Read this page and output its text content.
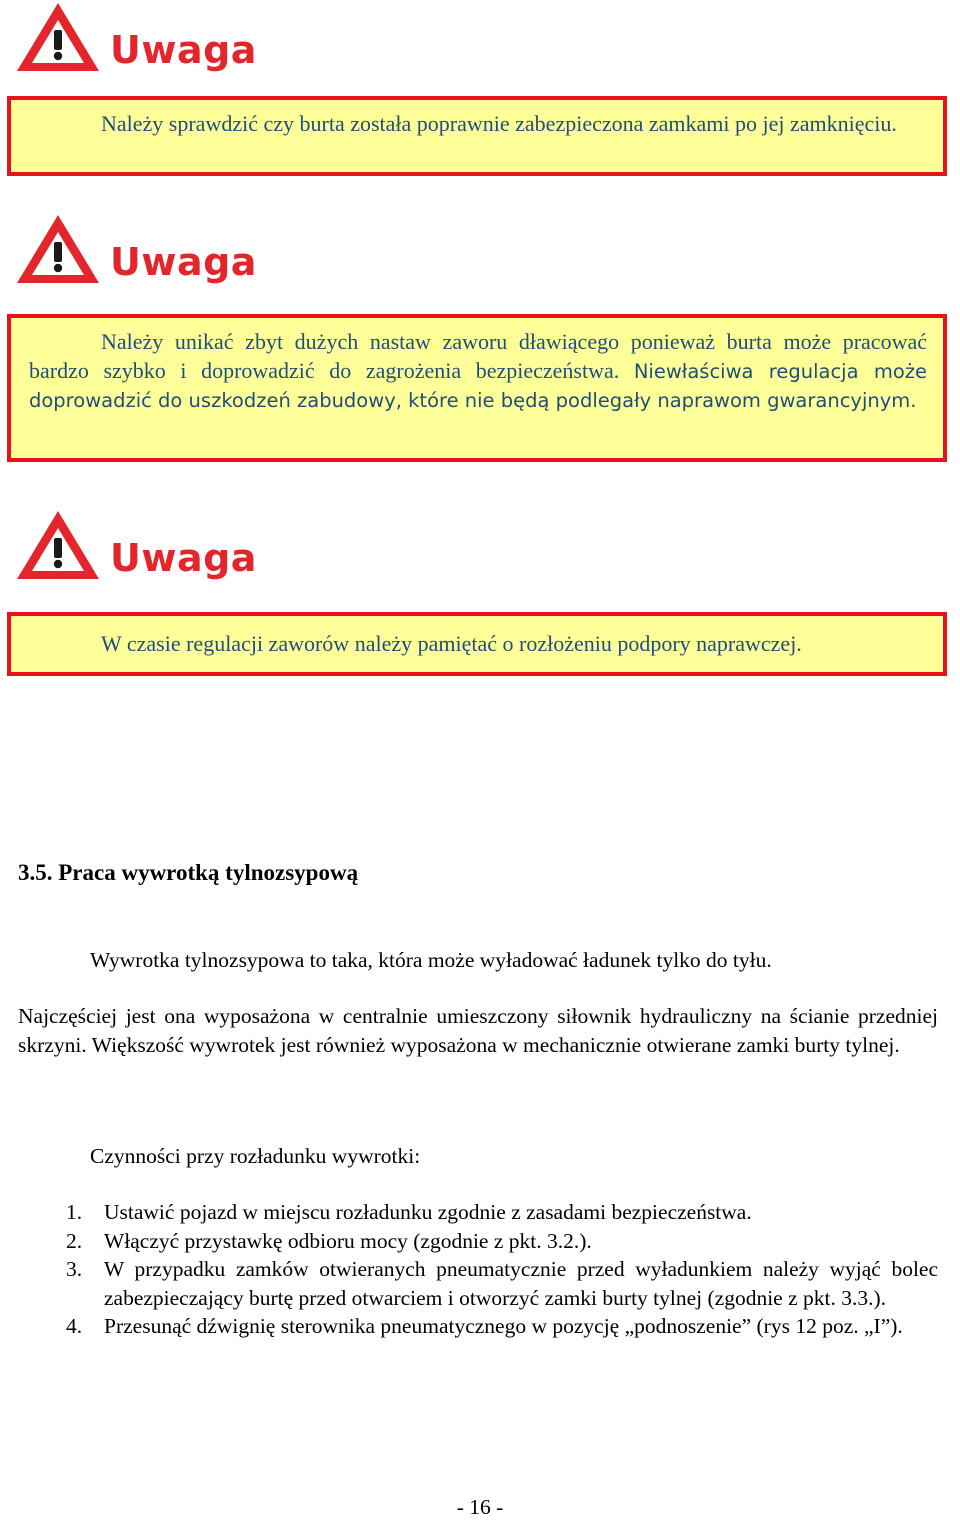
Uwaga
Należy sprawdzić czy burta została poprawnie zabezpieczona zamkami po jej zamknięciu.
Uwaga
Należy unikać zbyt dużych nastaw zaworu dławiącego ponieważ burta może pracować bardzo szybko i doprowadzić do zagrożenia bezpieczeństwa. Niewłaściwa regulacja może doprowadzić do uszkodzeń zabudowy, które nie będą podlegały naprawom gwarancyjnym.
Uwaga
W czasie regulacji zaworów należy pamiętać o rozłożeniu podpory naprawczej.
3.5. Praca wywrotką tylnozsypową
Wywrotka tylnozsypowa to taka, która może wyładować ładunek tylko do tyłu.
Najczęściej jest ona wyposażona w centralnie umieszczony siłownik hydrauliczny na ścianie przedniej skrzyni. Większość wywrotek jest również wyposażona w mechanicznie otwierane zamki burty tylnej.
Czynności przy rozładunku wywrotki:
1. Ustawić pojazd w miejscu rozładunku zgodnie z zasadami bezpieczeństwa.
2. Włączyć przystawkę odbioru mocy (zgodnie z pkt. 3.2.).
3. W przypadku zamków otwieranych pneumatycznie przed wyładunkiem należy wyjąć bolec zabezpieczający burtę przed otwarciem i otworzyć zamki burty tylnej (zgodnie z pkt. 3.3.).
4. Przesunąć dźwignię sterownika pneumatycznego w pozycję „podnoszenie” (rys 12 poz. „I”).
- 16 -
